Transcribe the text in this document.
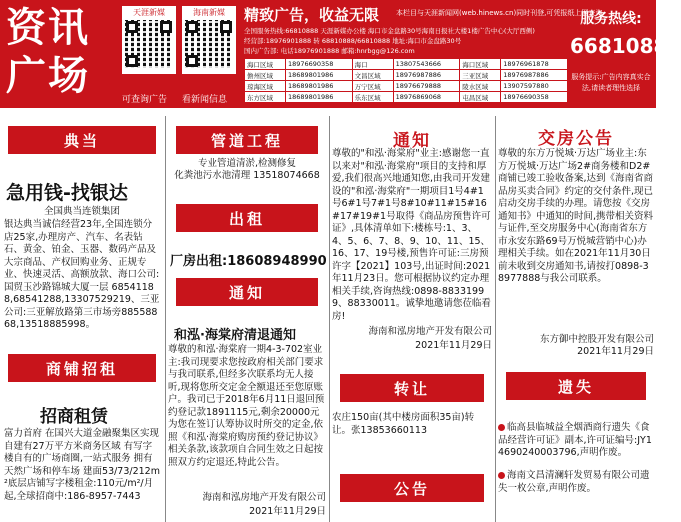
资讯
广场
天涯新媒
可查询广告
海南新媒
看新闻信息
精致广告，收益无限 本栏目与天涯新闻网(web.hinews.cn)同时刊登,可凭报纸上网查询
全国服务热线:66810888 天涯新媒办公楼 海口市金盘路30号海南日报社大楼1楼广告中心(大厅西侧)
经营部:18976901888 转 68810888/66810888 地址:海口市金盘路30号
国内广告部: 电话18976901888 邮箱:hnrbgg@126.com
海口区域	18976690358	海口	13807543666	海口区域	18976961878
儋州区域	18689801986	文昌区域	18976987886	三亚区域	18976987886
琼海区域	18689801986	万宁区域	18976679888	陵水区域	13907597880
东方区域	18689801986	乐东区域	18976869068	屯昌区域	18976690358
服务热线:
66810888
服务提示:广告内容真实合法,请读者理性选择
典当
急用钱-找银达
全国典当连锁集团
银达典当诚信经营23年,全国连锁分店25家,办理房产、汽车、名表钻石、黄金、铂金、玉器、数码产品及大宗商品、产权回购业务、正规专业、快速灵活、高额放款、海口公司:国贸玉沙路锦城大厦一层 68541188,68541288,13307529219、三亚公司:三亚解放路第三市场旁88558868,13518885998。
商铺招租
招商租赁
富力首府 在国兴大道金融聚集区实现自建有27万平方米商务区域 有写字楼自有的广场商圈,一站式服务 拥有天然广场和停车场 建面53/73/212m²底层店铺写字楼租金:110元/m²/月起,全球招商中:186-8957-7443
管道工程
专业管道清淤,检测修复
化粪池污水池清理 13518074668
出租
厂房出租:18608948990
通知
和泓·海棠府清退通知
尊敬的和泓·海棠府一期4-3-702室业主:我司现要求您按政府相关部门要求与我司联系,但经多次联系均无人接听,现将您所交定金全额退还至您原账户。我司已于2018年6月11日退回预约登记款1891115元,剩余20000元为您在签订认筹协议时所交的定金,依照《和泓·海棠府购房预约登记协议》相关条款,该款项自合同生效之日起按照双方约定退还,特此公告。
海南和泓房地产开发有限公司
2021年11月29日
通知
尊敬的"和泓·海棠府"业主:感谢您一直以来对"和泓·海棠府"项目的支持和厚爱,我们很高兴地通知您,由我司开发建设的"和泓·海棠府"一期项目1号4#1号6#1号7#1号8#10#11#15#16#17#19#1号取得《商品房预售许可证》,具体清单如下:楼栋号:1、3、4、5、6、7、8、9、10、11、15、16、17、19号楼,预售许可证:三房预许字【2021】103号,出证时间:2021年11月23日。您可根据协议约定办理相关手续,咨询热线:0898-88331999、88330011。诚挚地邀请您莅临看房!
海南和泓房地产开发有限公司
2021年11月29日
转让
农庄150亩(其中楼房面积35亩)转让。张13853660113
公告
交房公告
尊敬的东方万悦城·万达广场业主:东方万悦城·万达广场2#商务楼和D2#商铺已竣工验收备案,达到《海南省商品房买卖合同》约定的交付条件,现已启动交房手续的办理。请您按《交房通知书》中通知的时间,携带相关资料与证件,至交房服务中心(海南省东方市永安东路69号万悦城营销中心)办理相关手续。如在2021年11月30日前未收到交房通知书,请按打0898-38977888与我公司联系。
东方御中控股开发有限公司
2021年11月29日
遗失
临高县临城益全烟酒商行遗失《食品经营许可证》副本,许可证编号:JY14690240003796,声明作废。
海南文昌清澜轩发贸易有限公司遗失一枚公章,声明作废。
